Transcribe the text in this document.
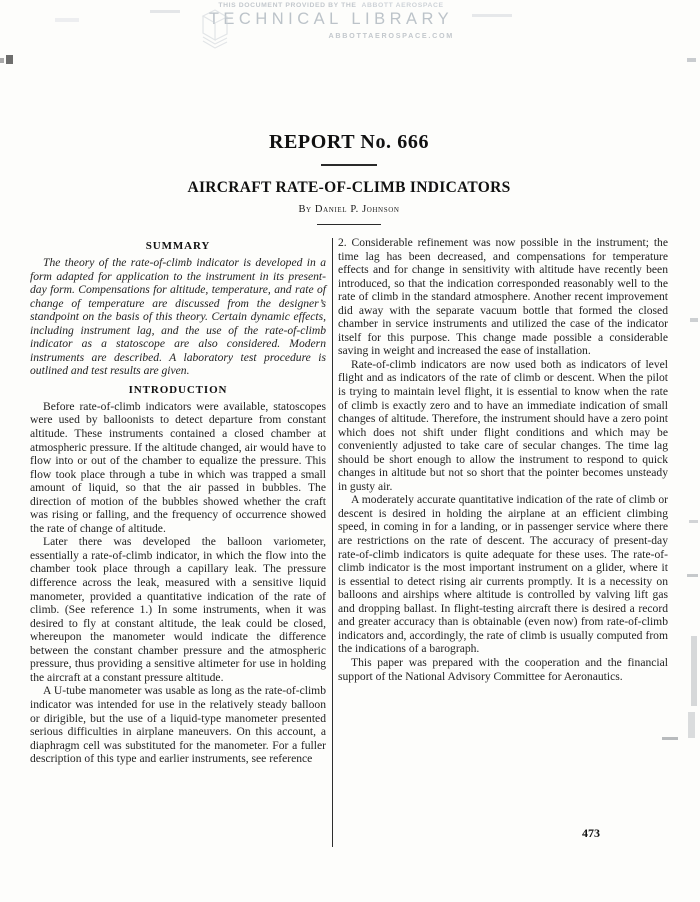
THIS DOCUMENT PROVIDED BY THE ABBOTT AEROSPACE
TECHNICAL LIBRARY
ABBOTTAEROSPACE.COM
REPORT No. 666
AIRCRAFT RATE-OF-CLIMB INDICATORS
By Daniel P. Johnson
SUMMARY

The theory of the rate-of-climb indicator is developed in a form adapted for application to the instrument in its present-day form. Compensations for altitude, temperature, and rate of change of temperature are discussed from the designer’s standpoint on the basis of this theory. Certain dynamic effects, including instrument lag, and the use of the rate-of-climb indicator as a statoscope are also considered. Modern instruments are described. A laboratory test procedure is outlined and test results are given.

INTRODUCTION

Before rate-of-climb indicators were available, statoscopes were used by balloonists to detect departure from constant altitude. These instruments contained a closed chamber at atmospheric pressure. If the altitude changed, air would have to flow into or out of the chamber to equalize the pressure. This flow took place through a tube in which was trapped a small amount of liquid, so that the air passed in bubbles. The direction of motion of the bubbles showed whether the craft was rising or falling, and the frequency of occurrence showed the rate of change of altitude.

Later there was developed the balloon variometer, essentially a rate-of-climb indicator, in which the flow into the chamber took place through a capillary leak. The pressure difference across the leak, measured with a sensitive liquid manometer, provided a quantitative indication of the rate of climb. (See reference 1.) In some instruments, when it was desired to fly at constant altitude, the leak could be closed, whereupon the manometer would indicate the difference between the constant chamber pressure and the atmospheric pressure, thus providing a sensitive altimeter for use in holding the aircraft at a constant pressure altitude.

A U-tube manometer was usable as long as the rate-of-climb indicator was intended for use in the relatively steady balloon or dirigible, but the use of a liquid-type manometer presented serious difficulties in airplane maneuvers. On this account, a diaphragm cell was substituted for the manometer. For a fuller description of this type and earlier instruments, see reference

2. Considerable refinement was now possible in the instrument; the time lag has been decreased, and compensations for temperature effects and for change in sensitivity with altitude have recently been introduced, so that the indication corresponded reasonably well to the rate of climb in the standard atmosphere. Another recent improvement did away with the separate vacuum bottle that formed the closed chamber in service instruments and utilized the case of the indicator itself for this purpose. This change made possible a considerable saving in weight and increased the ease of installation.

Rate-of-climb indicators are now used both as indicators of level flight and as indicators of the rate of climb or descent. When the pilot is trying to maintain level flight, it is essential to know when the rate of climb is exactly zero and to have an immediate indication of small changes of altitude. Therefore, the instrument should have a zero point which does not shift under flight conditions and which may be conveniently adjusted to take care of secular changes. The time lag should be short enough to allow the instrument to respond to quick changes in altitude but not so short that the pointer becomes unsteady in gusty air.

A moderately accurate quantitative indication of the rate of climb or descent is desired in holding the airplane at an efficient climbing speed, in coming in for a landing, or in passenger service where there are restrictions on the rate of descent. The accuracy of present-day rate-of-climb indicators is quite adequate for these uses. The rate-of-climb indicator is the most important instrument on a glider, where it is essential to detect rising air currents promptly. It is a necessity on balloons and airships where altitude is controlled by valving lift gas and dropping ballast. In flight-testing aircraft there is desired a record and greater accuracy than is obtainable (even now) from rate-of-climb indicators and, accordingly, the rate of climb is usually computed from the indications of a barograph.

This paper was prepared with the cooperation and the financial support of the National Advisory Committee for Aeronautics.

473
